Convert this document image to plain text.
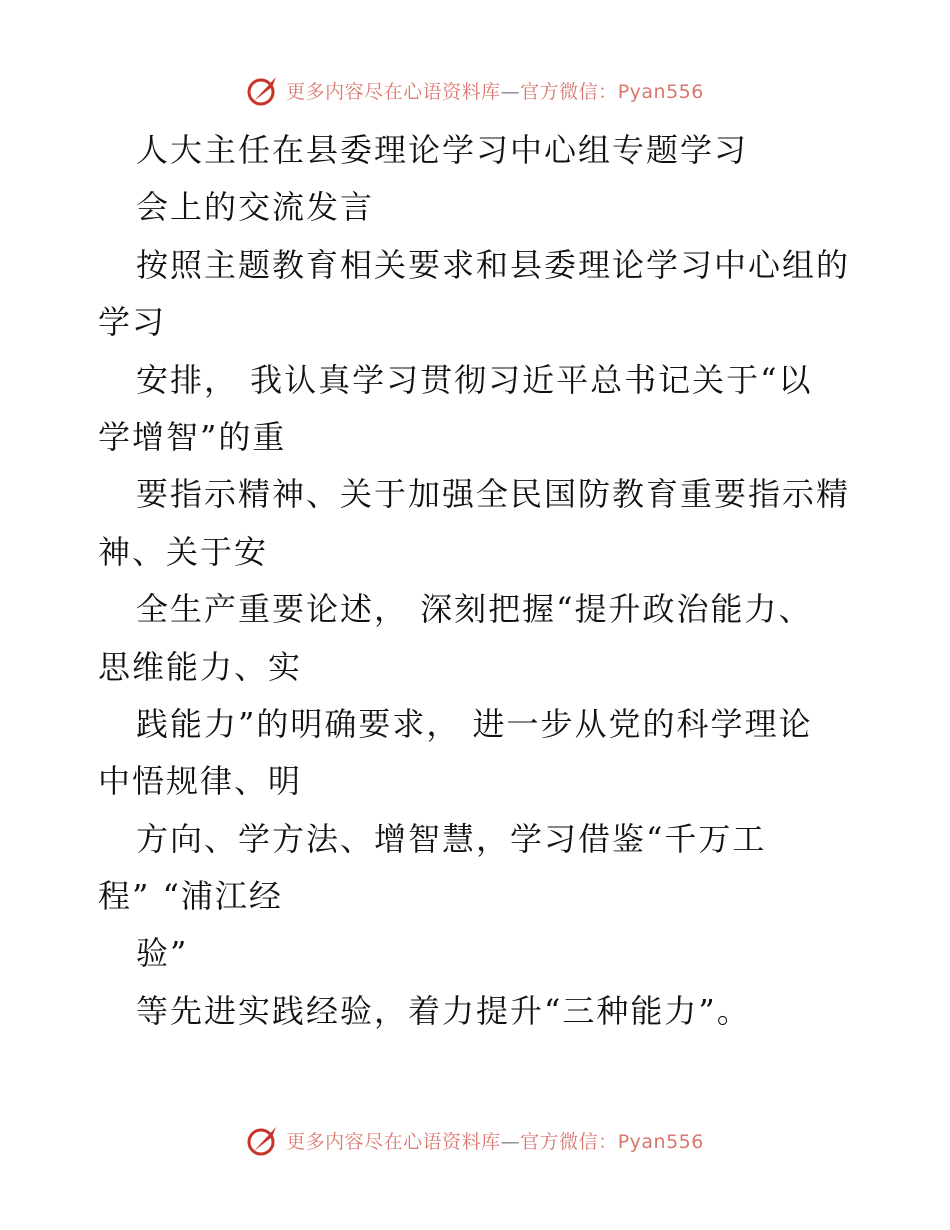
更多内容尽在心语资料库—官方微信：Pyan556
人大主任在县委理论学习中心组专题学习
会上的交流发言
按照主题教育相关要求和县委理论学习中心组的
学习
安排， 我认真学习贯彻习近平总书记关于“以
学增智”的重
要指示精神、关于加强全民国防教育重要指示精
神、关于安
全生产重要论述， 深刻把握“提升政治能力、
思维能力、实
践能力”的明确要求， 进一步从党的科学理论
中悟规律、明
方向、学方法、增智慧，学习借鉴“千万工
程” “浦江经
验”
等先进实践经验，着力提升“三种能力”。
更多内容尽在心语资料库—官方微信：Pyan556
